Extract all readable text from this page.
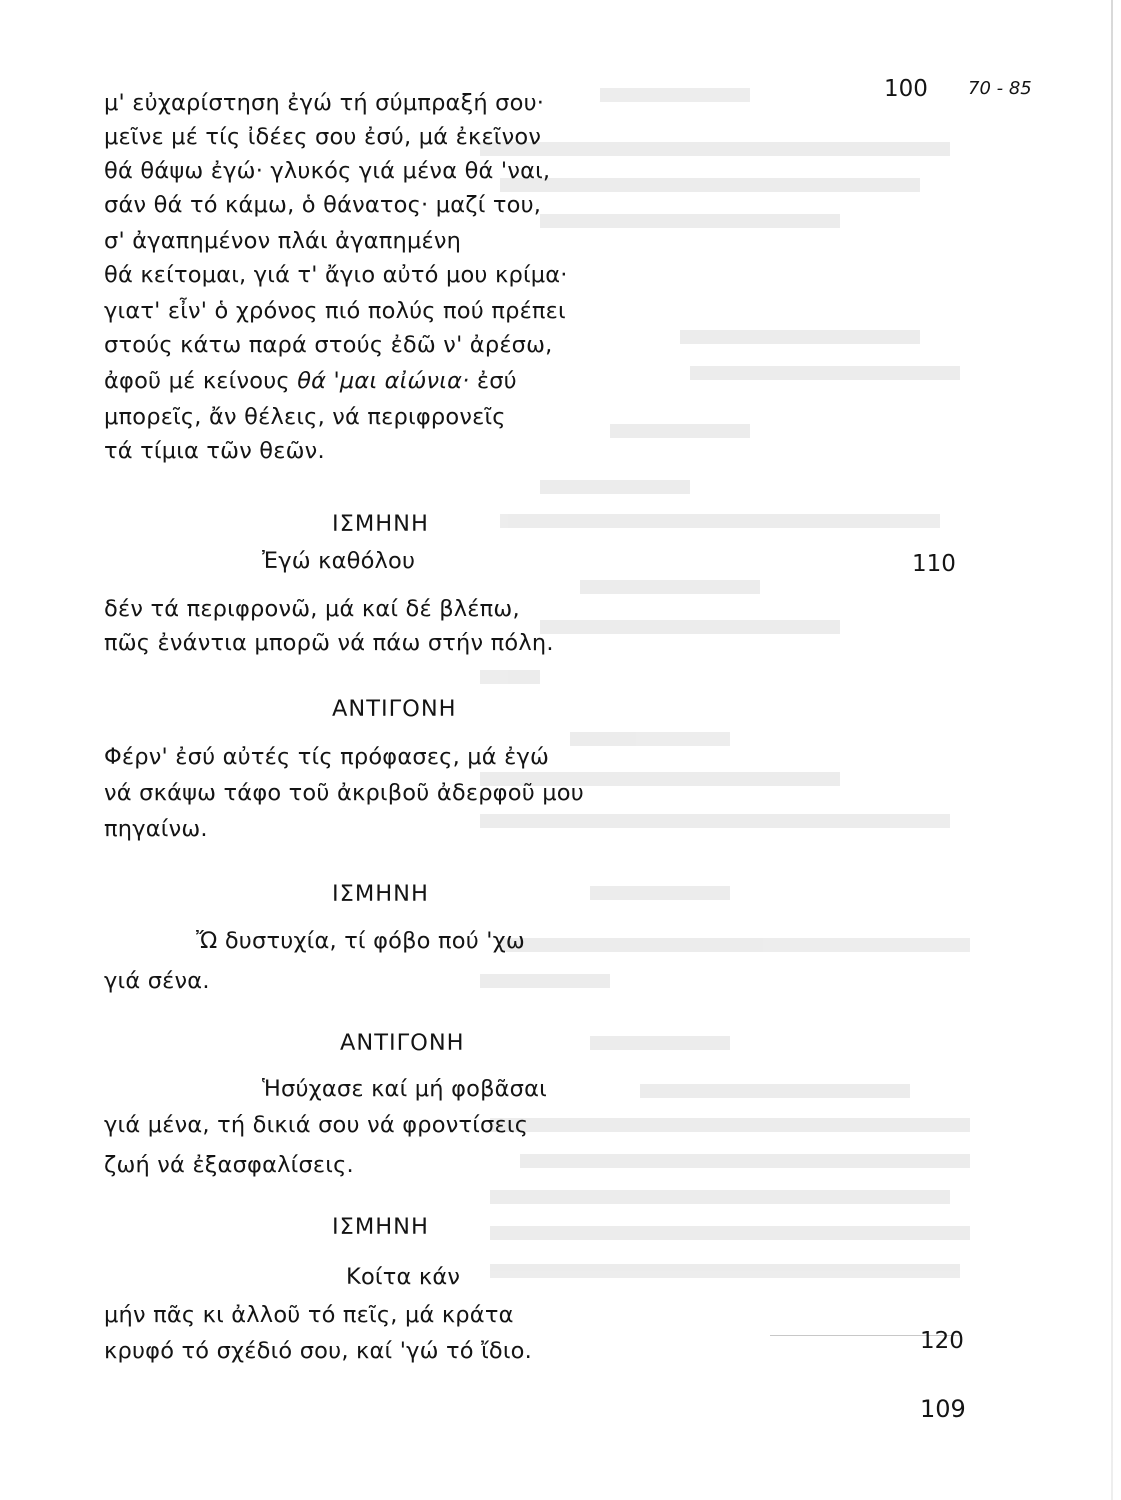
100 70 - 85
μ' εὐχαρίστηση ἐγώ τή σύμπραξή σου·
μεῖνε μέ τίς ἰδέες σου ἐσύ, μά ἐκεῖνον
θά θάψω ἐγώ· γλυκός γιά μένα θά 'ναι,
σάν θά τό κάμω, ὁ θάνατος· μαζί του,
σ' ἀγαπημένον πλάι ἀγαπημένη
θά κείτομαι, γιά τ' ἄγιο αὐτό μου κρίμα·
γιατ' εἶν' ὁ χρόνος πιό πολύς πού πρέπει
στούς κάτω παρά στούς ἐδῶ ν' ἀρέσω,
ἀφοῦ μέ κείνους θά 'μαι αἰώνια· ἐσύ
μπορεῖς, ἄν θέλεις, νά περιφρονεῖς
τά τίμια τῶν θεῶν.
ΙΣΜΗΝΗ
Ἐγώ καθόλου	110
δέν τά περιφρονῶ, μά καί δέ βλέπω,
πῶς ἐνάντια μπορῶ νά πάω στήν πόλη.
ΑΝΤΙΓΟΝΗ
Φέρν' ἐσύ αὐτές τίς πρόφασες, μά ἐγώ
νά σκάψω τάφο τοῦ ἀκριβοῦ ἀδερφοῦ μου
πηγαίνω.
ΙΣΜΗΝΗ
Ὤ δυστυχία, τί φόβο πού 'χω
γιά σένα.
ΑΝΤΙΓΟΝΗ
Ἡσύχασε καί μή φοβᾶσαι
γιά μένα, τή δικιά σου νά φροντίσεις
ζωή νά ἐξασφαλίσεις.
ΙΣΜΗΝΗ
Κοίτα κάν
μήν πᾶς κι ἀλλοῦ τό πεῖς, μά κράτα
κρυφό τό σχέδιό σου, καί 'γώ τό ἴδιο.	120
109
